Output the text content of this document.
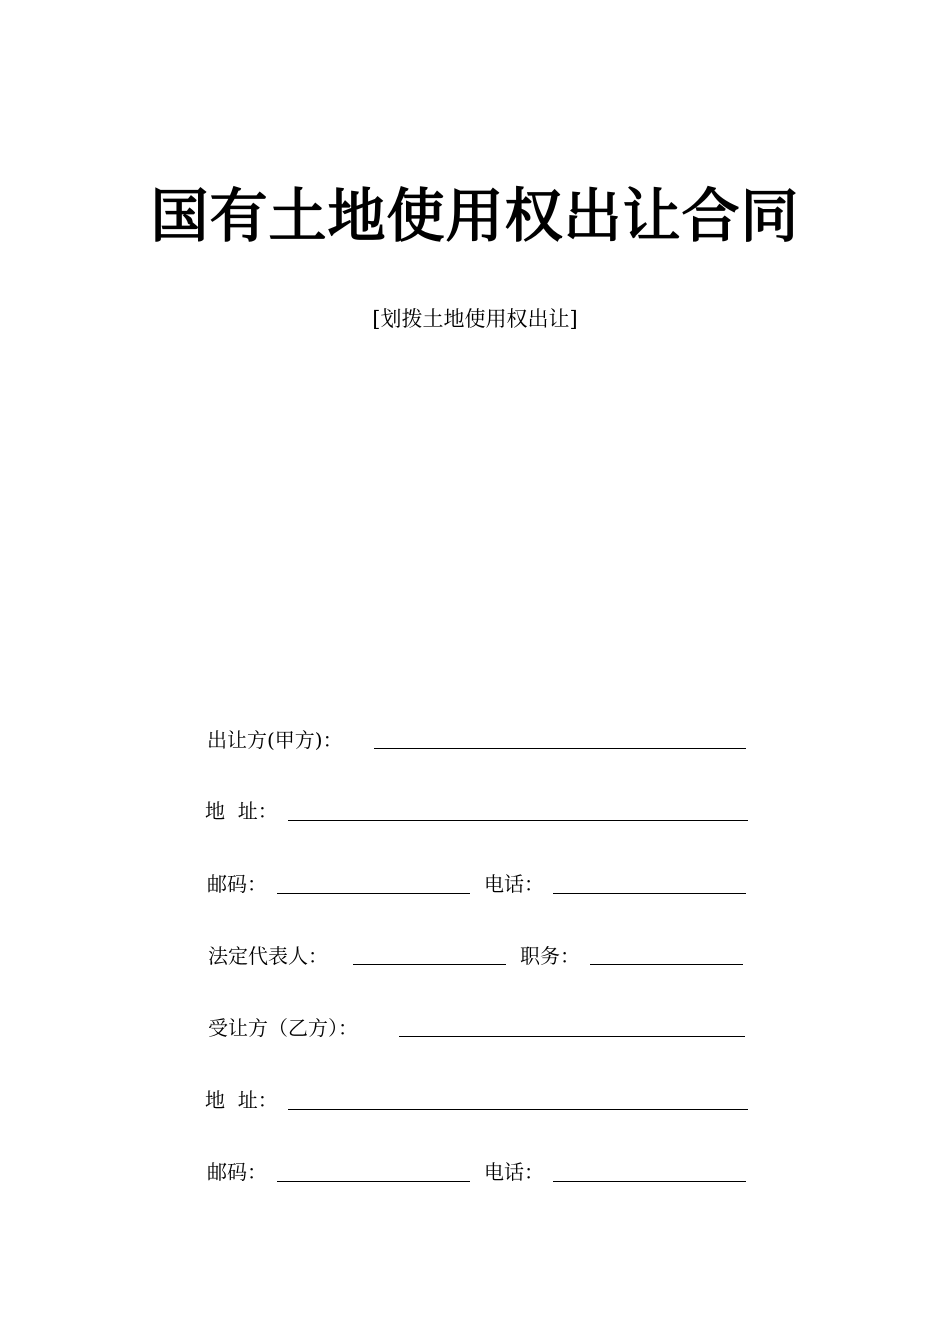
国有土地使用权出让合同

[划拨土地使用权出让]

出让方(甲方)：
地  址：
邮码：	电话：
法定代表人：	职务：
受让方（乙方）：
地  址：
邮码：	电话：
